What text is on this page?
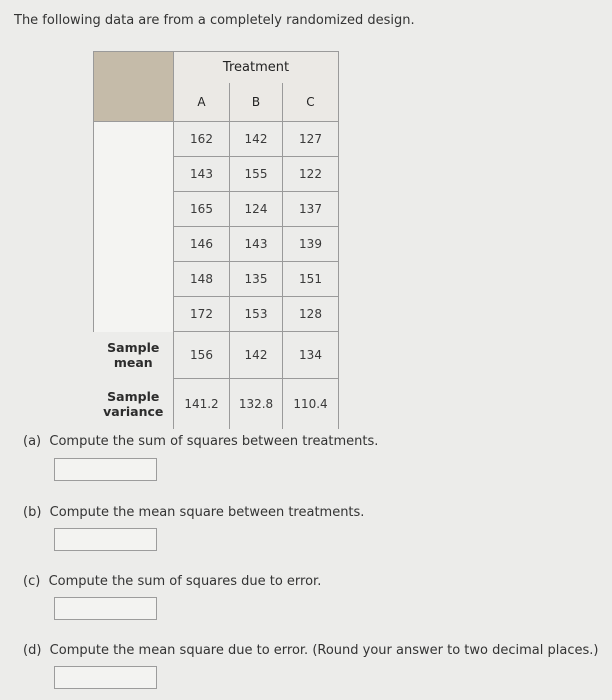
The following data are from a completely randomized design.
	Treatment		
	A	B	C
	162	142	127
	143	155	122
	165	124	137
	146	143	139
	148	135	151
	172	153	128
Sample
mean	156	142	134
Sample
variance	141.2	132.8	110.4
(a) Compute the sum of squares between treatments.
(b) Compute the mean square between treatments.
(c) Compute the sum of squares due to error.
(d) Compute the mean square due to error. (Round your answer to two decimal places.)
